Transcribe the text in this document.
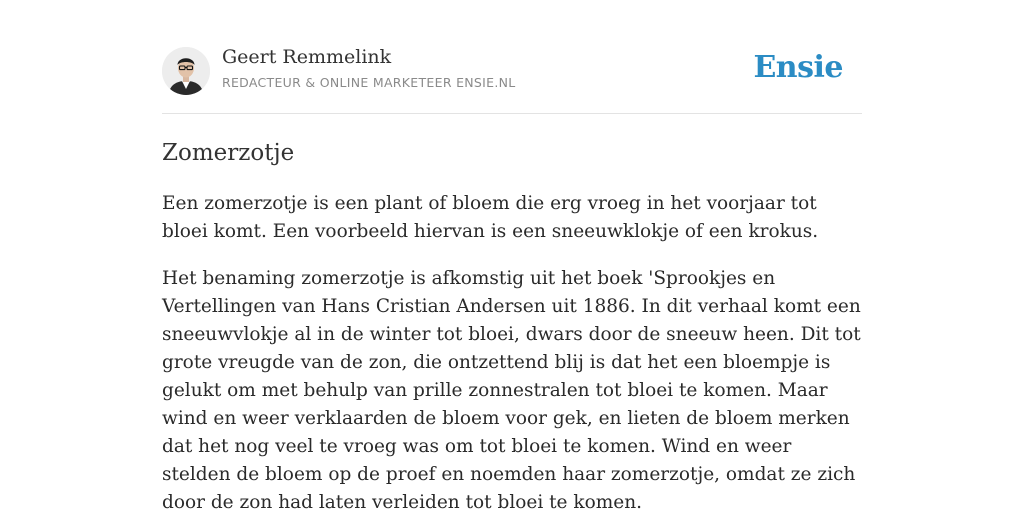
Geert Remmelink
REDACTEUR & ONLINE MARKETEER ENSIE.NL	Ensie
Zomerzotje

Een zomerzotje is een plant of bloem die erg vroeg in het voorjaar tot bloei komt. Een voorbeeld hiervan is een sneeuwklokje of een krokus.

Het benaming zomerzotje is afkomstig uit het boek 'Sprookjes en Vertellingen van Hans Cristian Andersen uit 1886. In dit verhaal komt een sneeuwvlokje al in de winter tot bloei, dwars door de sneeuw heen. Dit tot grote vreugde van de zon, die ontzettend blij is dat het een bloempje is gelukt om met behulp van prille zonnestralen tot bloei te komen. Maar wind en weer verklaarden de bloem voor gek, en lieten de bloem merken dat het nog veel te vroeg was om tot bloei te komen. Wind en weer stelden de bloem op de proef en noemden haar zomerzotje, omdat ze zich door de zon had laten verleiden tot bloei te komen.
